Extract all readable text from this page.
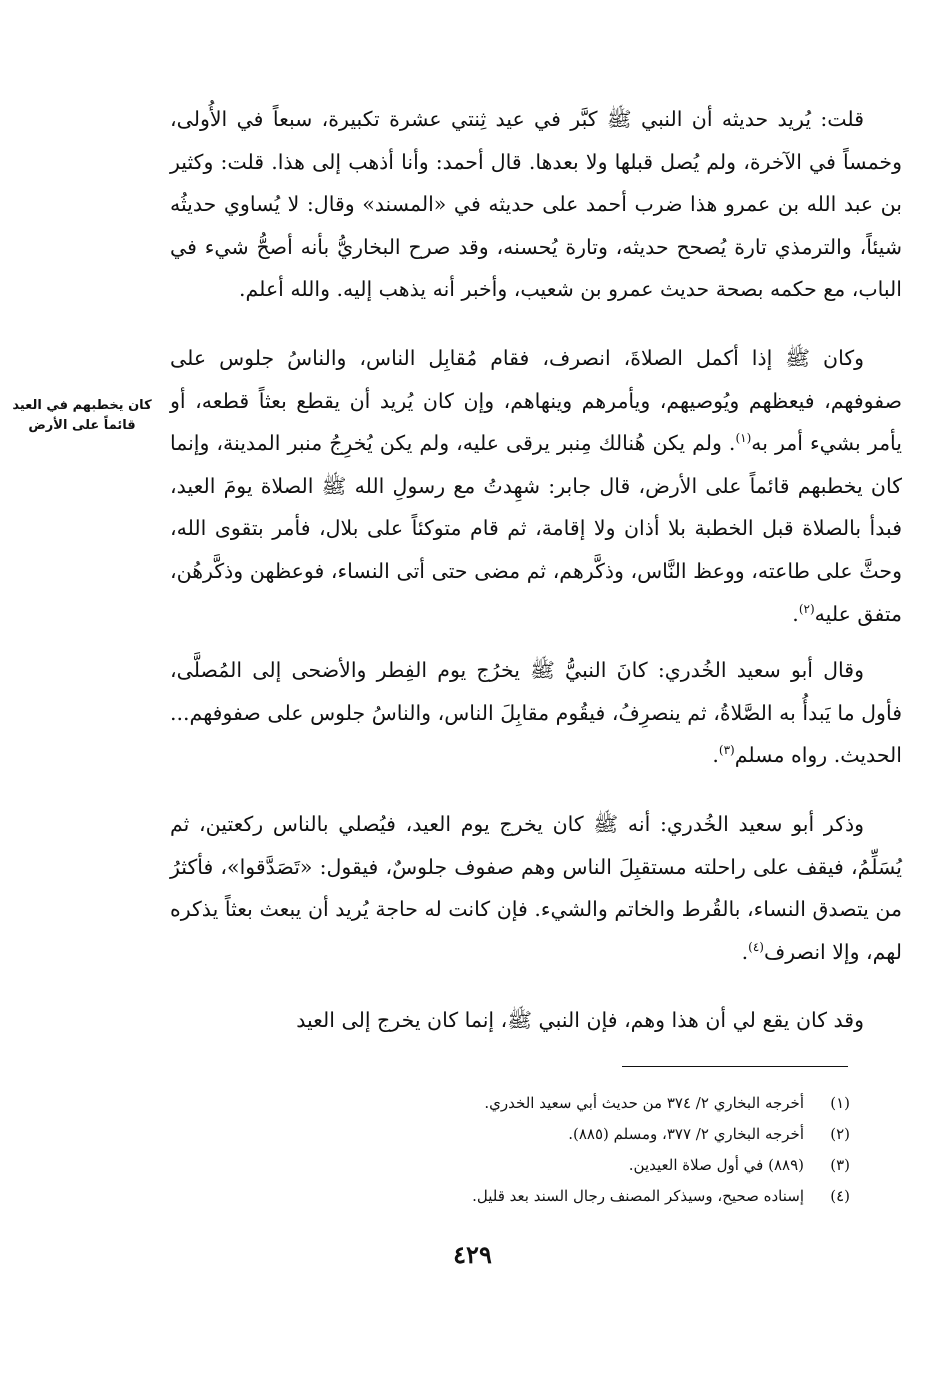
كان يخطبهم في العيد
قائماً على الأرض

قلت: يُريد حديثه أن النبي ﷺ كبَّر في عيد ثِنتي عشرة تكبيرة، سبعاً في الأُولى، وخمساً في الآخرة، ولم يُصل قبلها ولا بعدها. قال أحمد: وأنا أذهب إلى هذا. قلت: وكثير بن عبد الله بن عمرو هذا ضرب أحمد على حديثه في «المسند» وقال: لا يُساوي حديثُه شيئاً، والترمذي تارة يُصحح حديثه، وتارة يُحسنه، وقد صرح البخاريُّ بأنه أصحُّ شيء في الباب، مع حكمه بصحة حديث عمرو بن شعيب، وأخبر أنه يذهب إليه. والله أعلم.

وكان ﷺ إذا أكمل الصلاةَ، انصرف، فقام مُقابِل الناس، والناسُ جلوس على صفوفهم، فيعظهم ويُوصيهم، ويأمرهم وينهاهم، وإن كان يُريد أن يقطع بعثاً قطعه، أو يأمر بشيء أمر به$^{(١)}$. ولم يكن هُنالك مِنبر يرقى عليه، ولم يكن يُخرِجُ منبر المدينة، وإنما كان يخطبهم قائماً على الأرض، قال جابر: شهِدتُ مع رسولِ الله ﷺ الصلاة يومَ العيد، فبدأ بالصلاة قبل الخطبة بلا أذان ولا إقامة، ثم قام متوكئاً على بلال، فأمر بتقوى الله، وحثَّ على طاعته، ووعظ النَّاس، وذكَّرهم، ثم مضى حتى أتى النساء، فوعظهن وذكَّرهُن، متفق عليه$^{(٢)}$.

وقال أبو سعيد الخُدري: كانَ النبيُّ ﷺ يخرُج يوم الفِطر والأضحى إلى المُصلَّى، فأول ما يَبدأُ به الصَّلاةُ، ثم ينصرِفُ، فيقُوم مقابِلَ الناس، والناسُ جلوس على صفوفهم... الحديث. رواه مسلم$^{(٣)}$.

وذكر أبو سعيد الخُدري: أنه ﷺ كان يخرج يوم العيد، فيُصلي بالناس ركعتين، ثم يُسَلِّمُ، فيقف على راحلته مستقبِلَ الناس وهم صفوف جلوسٌ، فيقول: «تَصَدَّقوا»، فأكثرُ من يتصدق النساء، بالقُرط والخاتم والشيء. فإن كانت له حاجة يُريد أن يبعث بعثاً يذكره لهم، وإلا انصرف$^{(٤)}$.

وقد كان يقع لي أن هذا وهم، فإن النبي ﷺ، إنما كان يخرج إلى العيد

(١)
أخرجه البخاري ٢/ ٣٧٤ من حديث أبي سعيد الخدري.
(٢)
أخرجه البخاري ٢/ ٣٧٧، ومسلم (٨٨٥).
(٣)
(٨٨٩) في أول صلاة العيدين.
(٤)
إسناده صحيح، وسيذكر المصنف رجال السند بعد قليل.
٤٢٩
